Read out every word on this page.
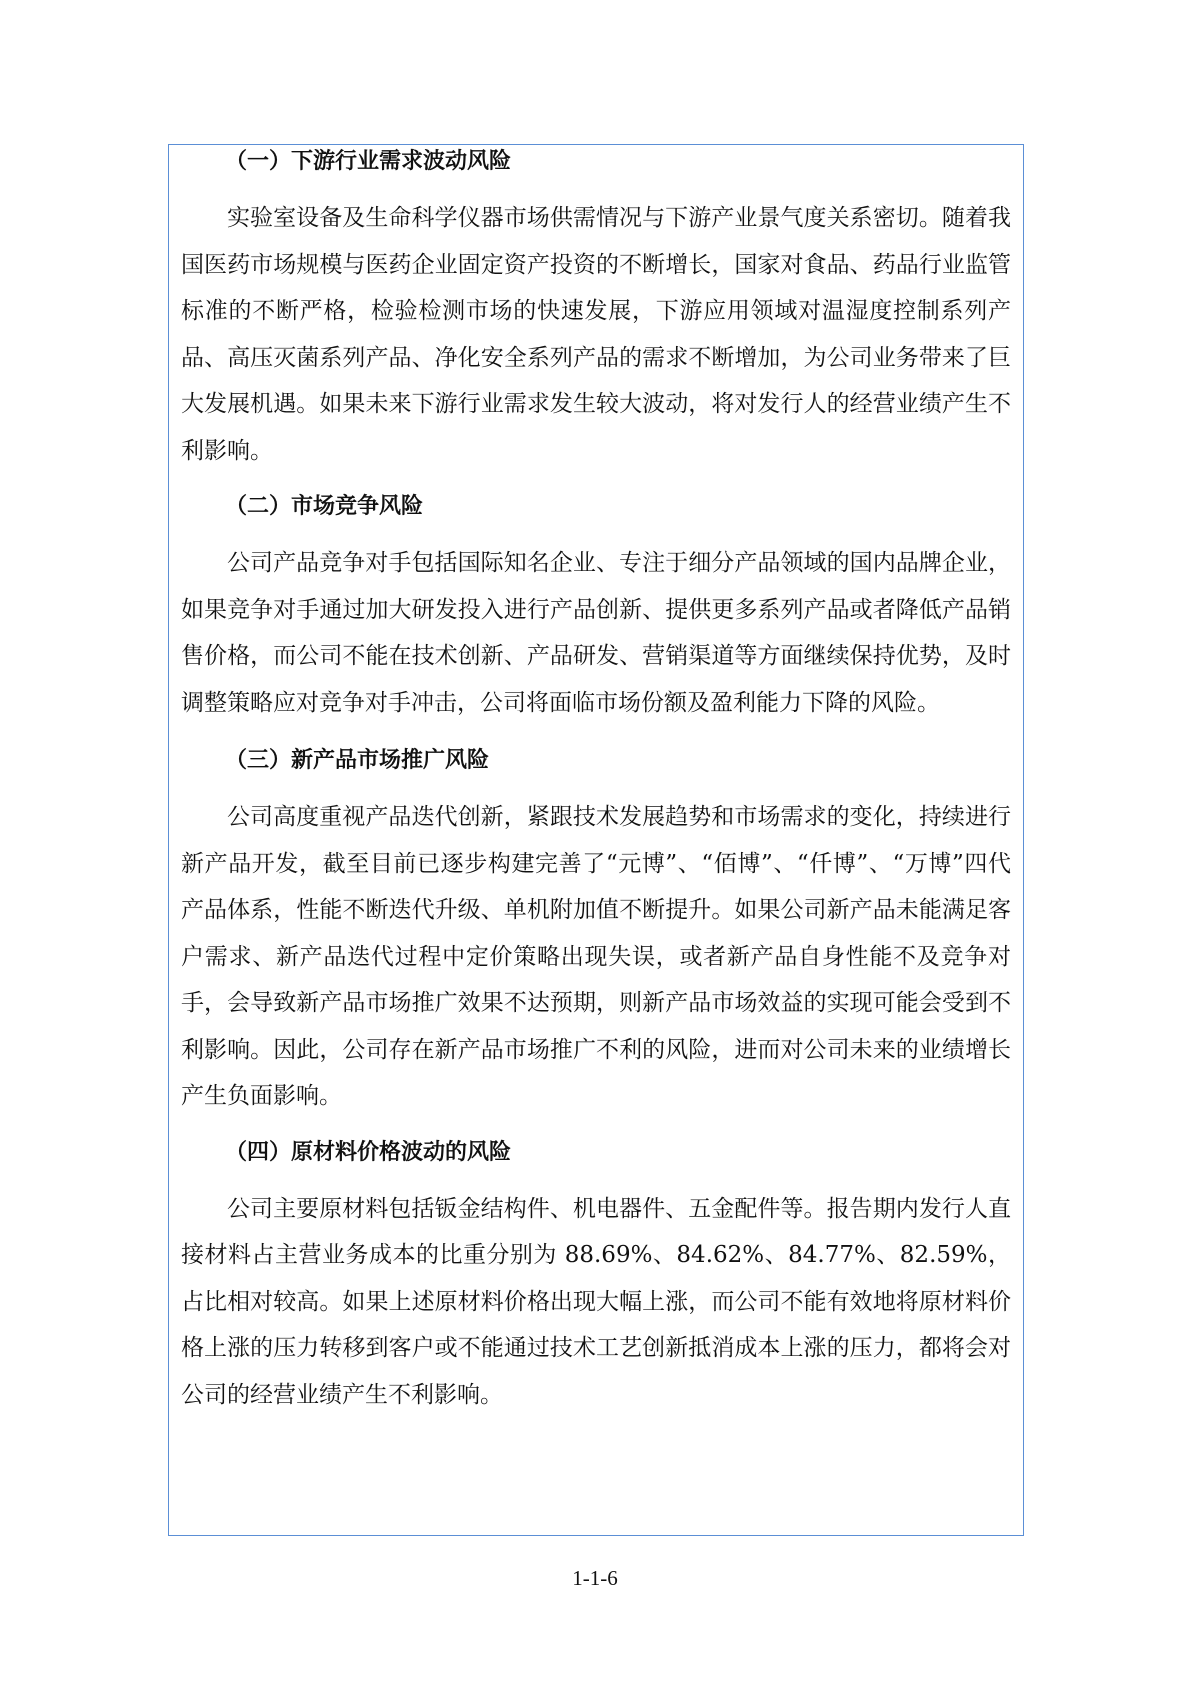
（一）下游行业需求波动风险

实验室设备及生命科学仪器市场供需情况与下游产业景气度关系密切。随着我国医药市场规模与医药企业固定资产投资的不断增长，国家对食品、药品行业监管标准的不断严格，检验检测市场的快速发展，下游应用领域对温湿度控制系列产品、高压灭菌系列产品、净化安全系列产品的需求不断增加，为公司业务带来了巨大发展机遇。如果未来下游行业需求发生较大波动，将对发行人的经营业绩产生不利影响。

（二）市场竞争风险

公司产品竞争对手包括国际知名企业、专注于细分产品领域的国内品牌企业，如果竞争对手通过加大研发投入进行产品创新、提供更多系列产品或者降低产品销售价格，而公司不能在技术创新、产品研发、营销渠道等方面继续保持优势，及时调整策略应对竞争对手冲击，公司将面临市场份额及盈利能力下降的风险。

（三）新产品市场推广风险

公司高度重视产品迭代创新，紧跟技术发展趋势和市场需求的变化，持续进行新产品开发，截至目前已逐步构建完善了“元博”、“佰博”、“仟博”、“万博”四代产品体系，性能不断迭代升级、单机附加值不断提升。如果公司新产品未能满足客户需求、新产品迭代过程中定价策略出现失误，或者新产品自身性能不及竞争对手，会导致新产品市场推广效果不达预期，则新产品市场效益的实现可能会受到不利影响。因此，公司存在新产品市场推广不利的风险，进而对公司未来的业绩增长产生负面影响。

（四）原材料价格波动的风险

公司主要原材料包括钣金结构件、机电器件、五金配件等。报告期内发行人直接材料占主营业务成本的比重分别为 88.69%、84.62%、84.77%、82.59%，占比相对较高。如果上述原材料价格出现大幅上涨，而公司不能有效地将原材料价格上涨的压力转移到客户或不能通过技术工艺创新抵消成本上涨的压力，都将会对公司的经营业绩产生不利影响。

1-1-6
